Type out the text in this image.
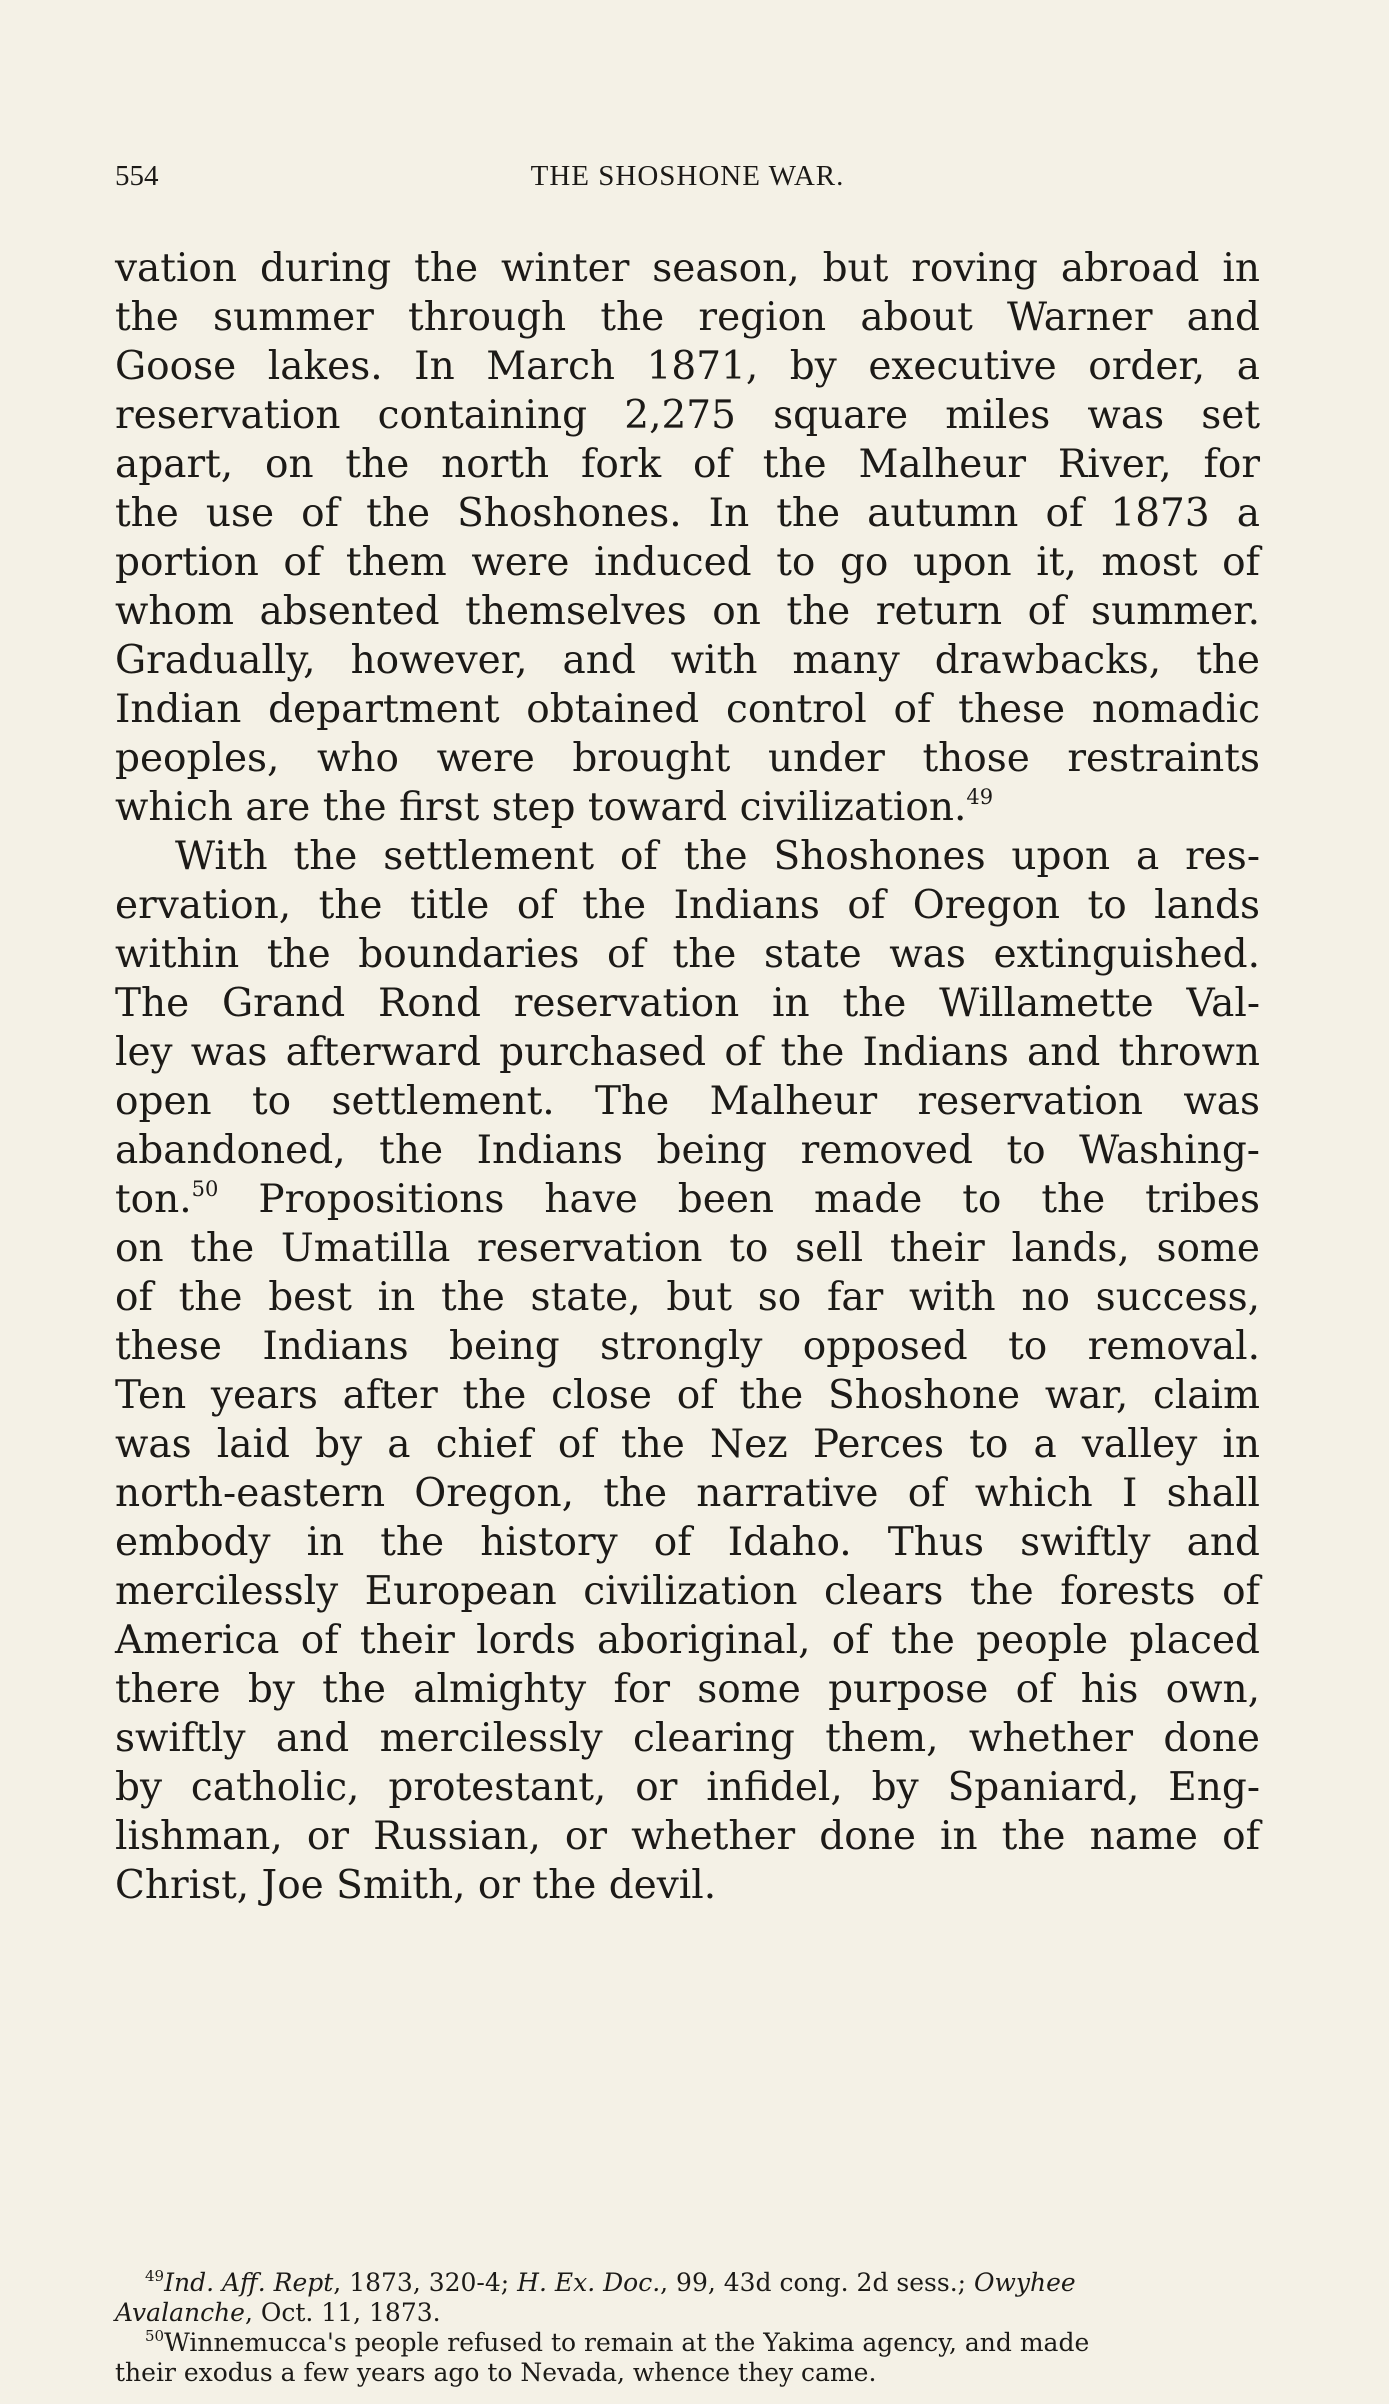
554	THE SHOSHONE WAR.
vation during the winter season, but roving abroad in
the summer through the region about Warner and
Goose lakes. In March 1871, by executive order, a
reservation containing 2,275 square miles was set
apart, on the north fork of the Malheur River, for
the use of the Shoshones. In the autumn of 1873 a
portion of them were induced to go upon it, most of
whom absented themselves on the return of summer.
Gradually, however, and with many drawbacks, the
Indian department obtained control of these nomadic
peoples, who were brought under those restraints
which are the first step toward civilization.$^{49}$
With the settlement of the Shoshones upon a res-
ervation, the title of the Indians of Oregon to lands
within the boundaries of the state was extinguished.
The Grand Rond reservation in the Willamette Val-
ley was afterward purchased of the Indians and thrown
open to settlement. The Malheur reservation was
abandoned, the Indians being removed to Washing-
ton.$^{50}$ Propositions have been made to the tribes
on the Umatilla reservation to sell their lands, some
of the best in the state, but so far with no success,
these Indians being strongly opposed to removal.
Ten years after the close of the Shoshone war, claim
was laid by a chief of the Nez Perces to a valley in
north-eastern Oregon, the narrative of which I shall
embody in the history of Idaho. Thus swiftly and
mercilessly European civilization clears the forests of
America of their lords aboriginal, of the people placed
there by the almighty for some purpose of his own,
swiftly and mercilessly clearing them, whether done
by catholic, protestant, or infidel, by Spaniard, Eng-
lishman, or Russian, or whether done in the name of
Christ, Joe Smith, or the devil.
$^{49}$Ind. Aff. Rept, 1873, 320-4; H. Ex. Doc., 99, 43d cong. 2d sess.; Owyhee
Avalanche, Oct. 11, 1873.
$^{50}$Winnemucca's people refused to remain at the Yakima agency, and made
their exodus a few years ago to Nevada, whence they came.
